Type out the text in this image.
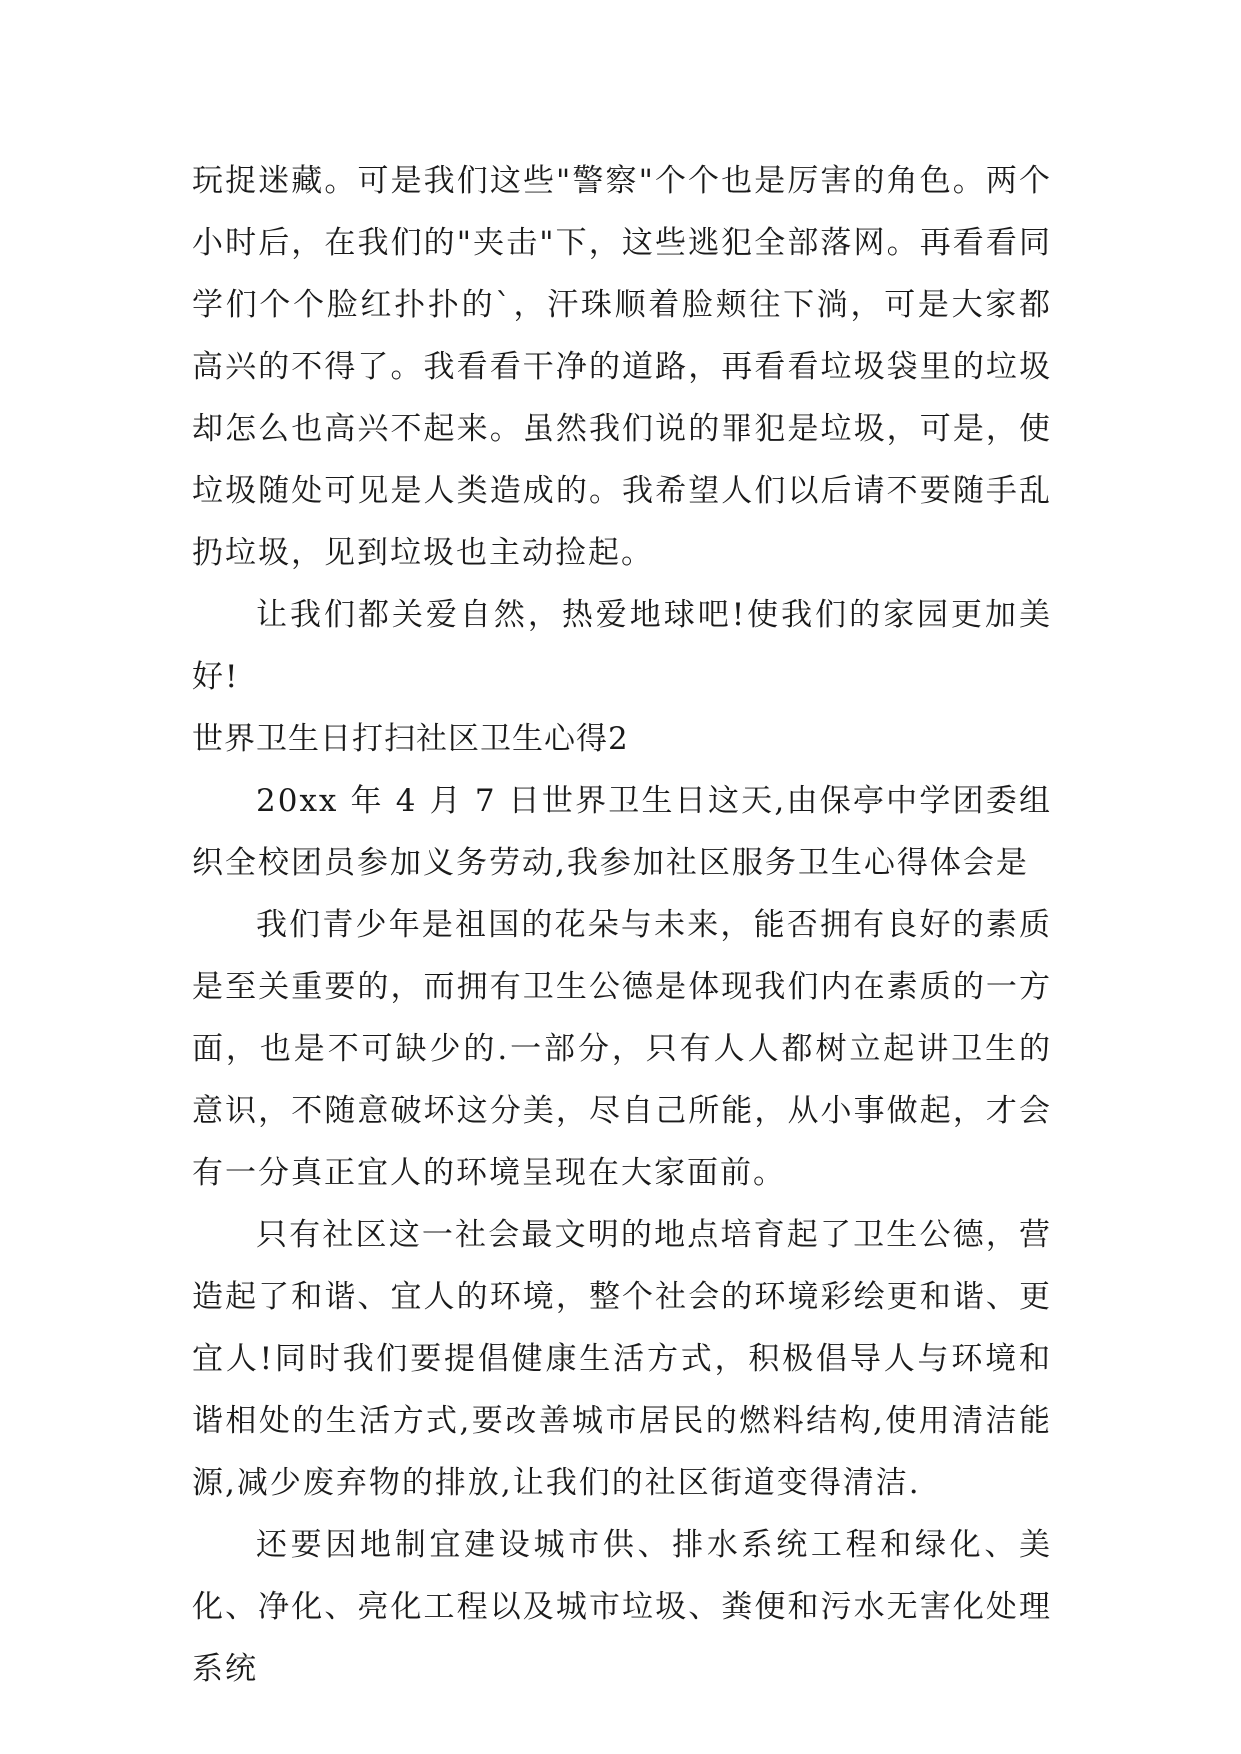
玩捉迷藏。可是我们这些"警察"个个也是厉害的角色。两个小时后，在我们的"夹击"下，这些逃犯全部落网。再看看同学们个个脸红扑扑的`，汗珠顺着脸颊往下淌，可是大家都高兴的不得了。我看看干净的道路，再看看垃圾袋里的垃圾却怎么也高兴不起来。虽然我们说的罪犯是垃圾，可是，使垃圾随处可见是人类造成的。我希望人们以后请不要随手乱扔垃圾，见到垃圾也主动捡起。

让我们都关爱自然，热爱地球吧!使我们的家园更加美好!

世界卫生日打扫社区卫生心得2

20xx 年 4 月 7 日世界卫生日这天,由保亭中学团委组织全校团员参加义务劳动,我参加社区服务卫生心得体会是

我们青少年是祖国的花朵与未来，能否拥有良好的素质是至关重要的，而拥有卫生公德是体现我们内在素质的一方面，也是不可缺少的.一部分，只有人人都树立起讲卫生的意识，不随意破坏这分美，尽自己所能，从小事做起，才会有一分真正宜人的环境呈现在大家面前。

只有社区这一社会最文明的地点培育起了卫生公德，营造起了和谐、宜人的环境，整个社会的环境彩绘更和谐、更宜人!同时我们要提倡健康生活方式，积极倡导人与环境和谐相处的生活方式,要改善城市居民的燃料结构,使用清洁能源,减少废弃物的排放,让我们的社区街道变得清洁.

还要因地制宜建设城市供、排水系统工程和绿化、美化、净化、亮化工程以及城市垃圾、粪便和污水无害化处理系统
